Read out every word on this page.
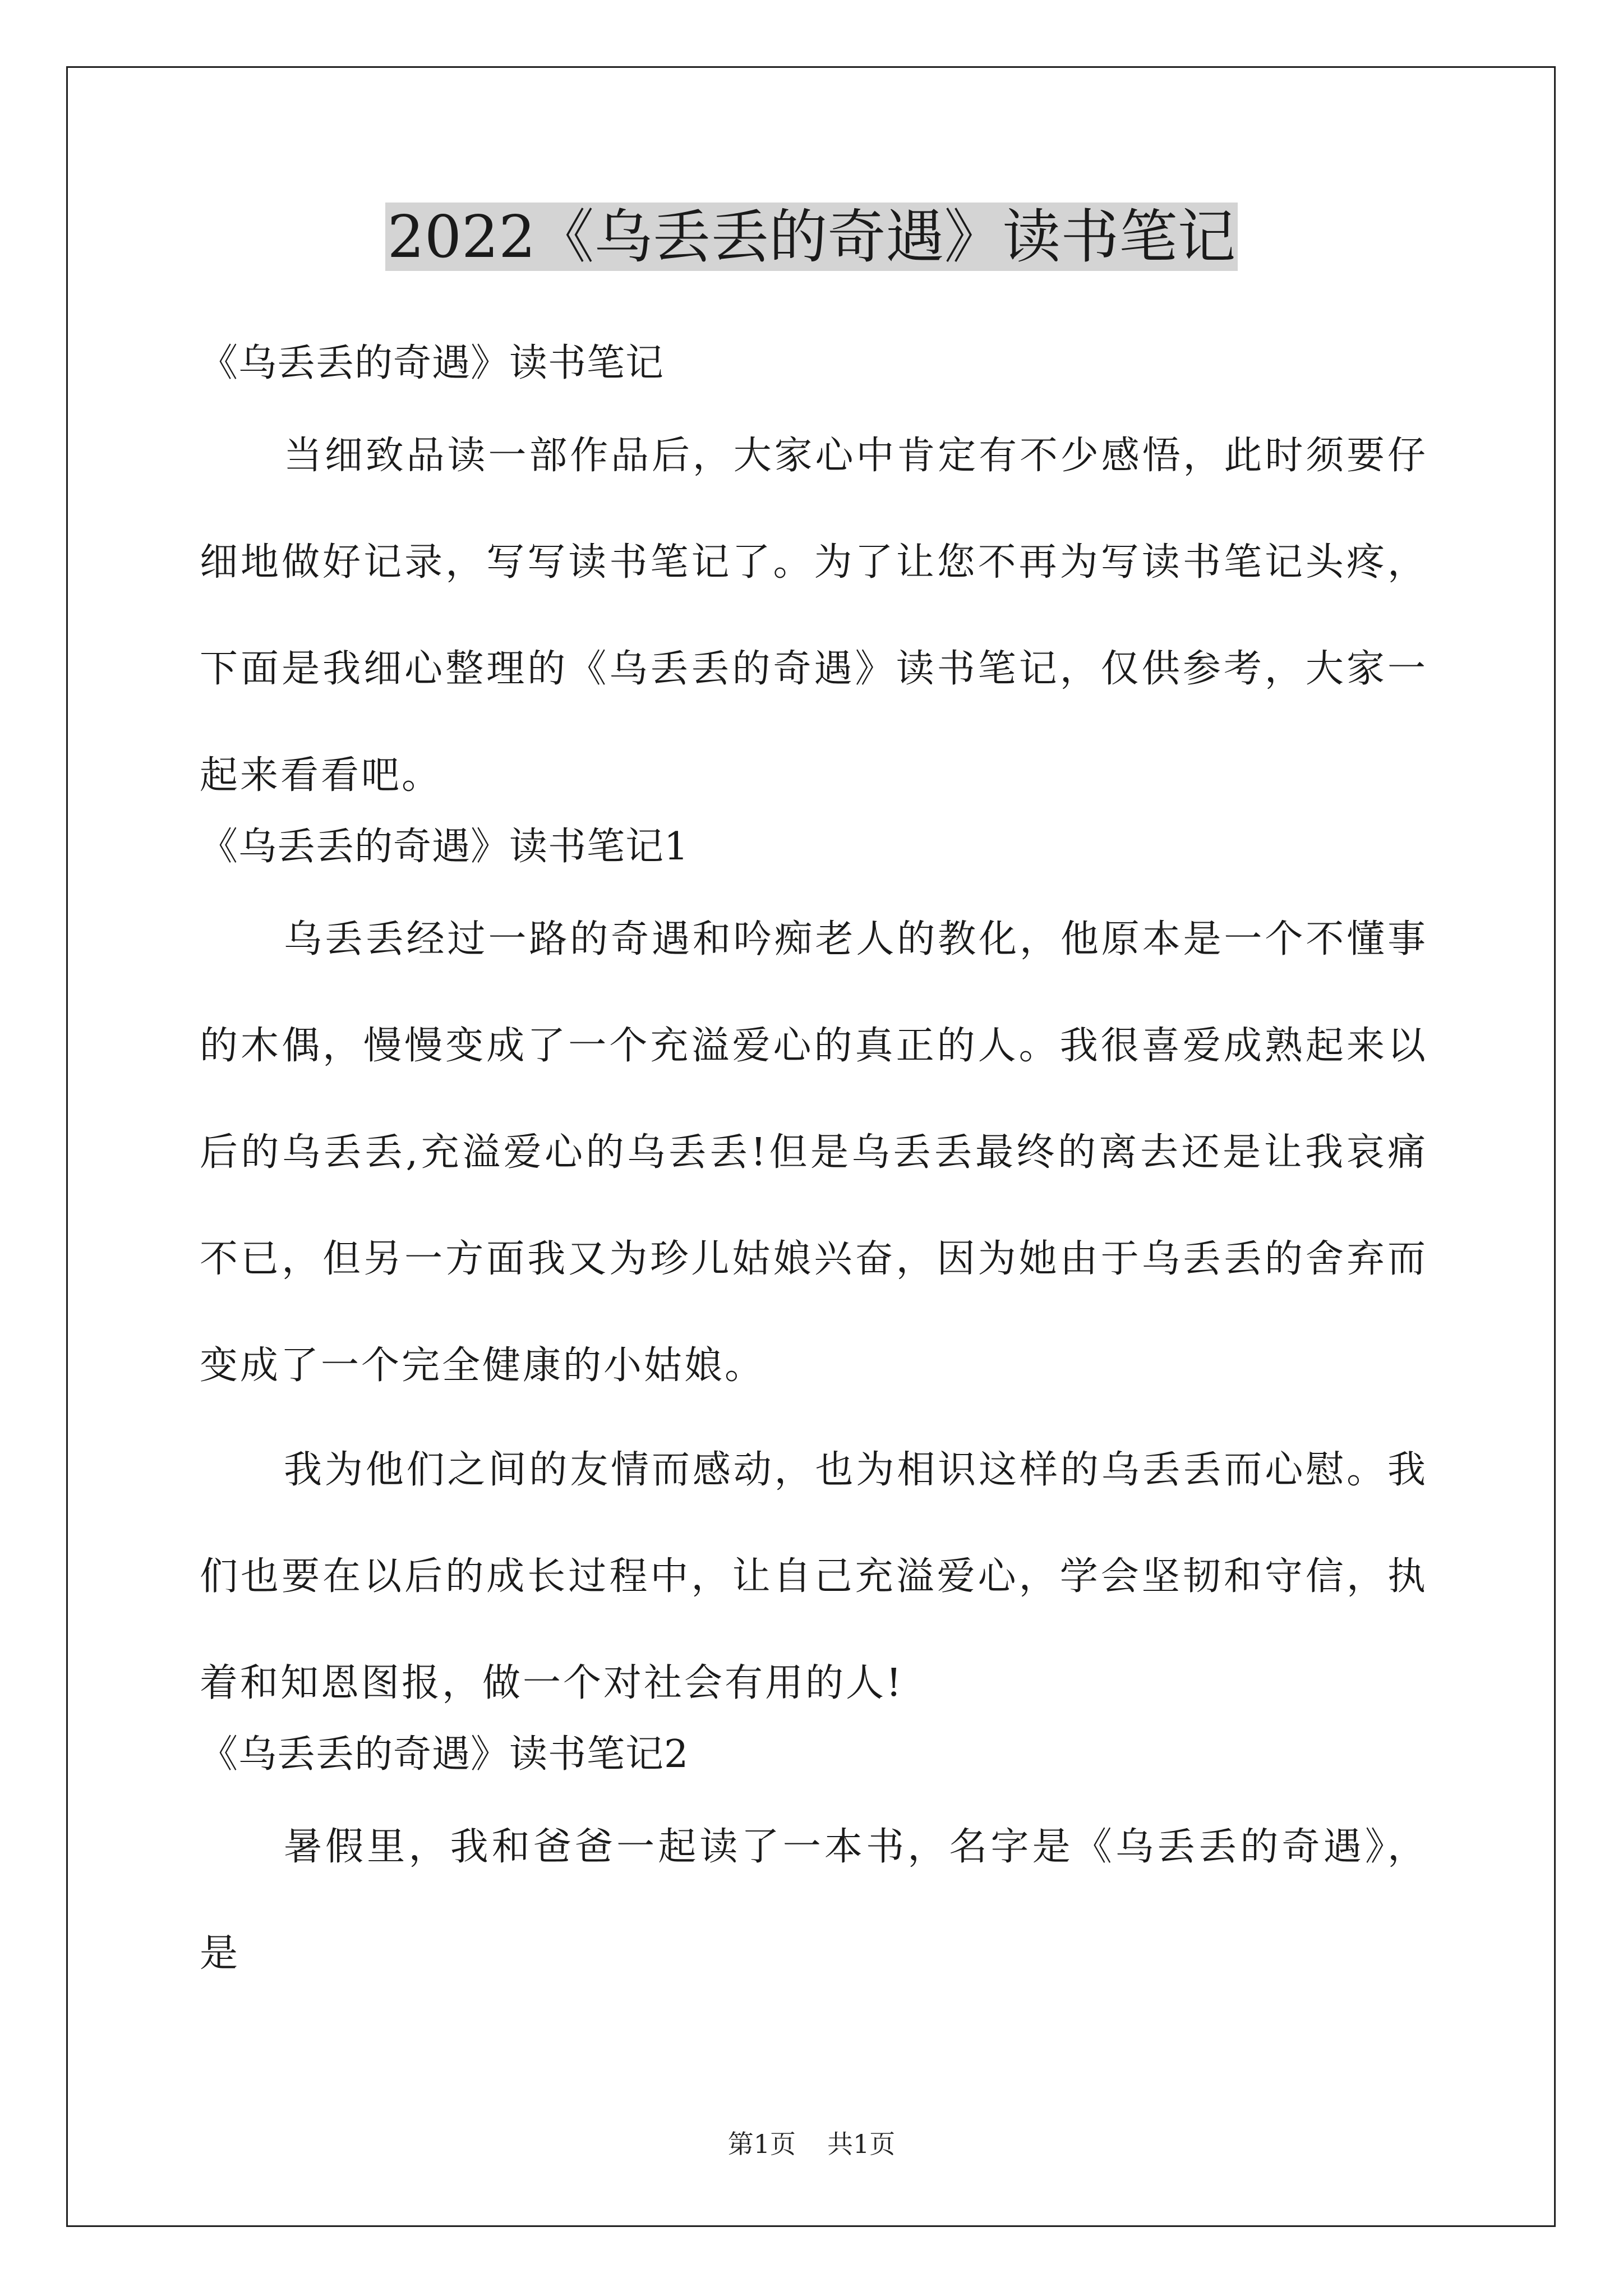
2022《乌丢丢的奇遇》读书笔记

《乌丢丢的奇遇》读书笔记

当细致品读一部作品后，大家心中肯定有不少感悟，此时须要仔细地做好记录，写写读书笔记了。为了让您不再为写读书笔记头疼，下面是我细心整理的《乌丢丢的奇遇》读书笔记，仅供参考，大家一起来看看吧。

《乌丢丢的奇遇》读书笔记1

乌丢丢经过一路的奇遇和吟痴老人的教化，他原本是一个不懂事的木偶，慢慢变成了一个充溢爱心的真正的人。我很喜爱成熟起来以后的乌丢丢,充溢爱心的乌丢丢!但是乌丢丢最终的离去还是让我哀痛不已，但另一方面我又为珍儿姑娘兴奋，因为她由于乌丢丢的舍弃而变成了一个完全健康的小姑娘。

我为他们之间的友情而感动，也为相识这样的乌丢丢而心慰。我们也要在以后的成长过程中，让自己充溢爱心，学会坚韧和守信，执着和知恩图报，做一个对社会有用的人!

《乌丢丢的奇遇》读书笔记2

暑假里，我和爸爸一起读了一本书，名字是《乌丢丢的奇遇》，是

第1页 共1页
